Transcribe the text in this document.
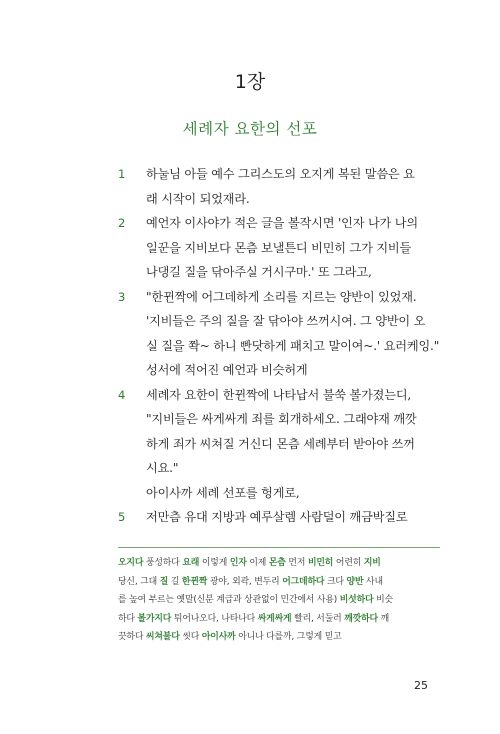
1장
세례자 요한의 선포
1	하눌님 아들 예수 그리스도의 오지게 복된 말씀은 요
래 시작이 되었재라.
2	예언자 이사야가 적은 글을 볼작시면 '인자 나가 나의
일꾼을 지비보다 몬츰 보낼튼디 비민히 그가 지비들
나댕길 질을 닦아주실 거시구마.' 또 그라고,
3	"한뀐짝에 어그데하게 소리를 지르는 양반이 있었재.
'지비들은 주의 질을 잘 닦아야 쓰꺼시여. 그 양반이 오
실 질을 쫙~ 하니 빤닷하게 패치고 말이여~.' 요러케잉."
성서에 적어진 예언과 비슷허게
4	세례자 요한이 한뀐짝에 나타납서 불쑥 볼가졌는디,
"지비들은 싸게싸게 죄를 회개하세오. 그래야재 깨깟
하게 죄가 씨쳐질 거신디 몬츰 세례부터 받아야 쓰꺼
시요."
아이사까 세례 선포를 헝게로,
5	저만츰 유대 지방과 예루살렘 사람덜이 깨금박질로
오지다 풍성하다 요래 이렇게 인자 이제 몬츰 먼저 비민히 어련히 지비
당신, 그대 질 길 한뀐짝 광야, 외곽, 변두리 어그데하다 크다 양반 사내
를 높여 부르는 옛말(신분 계급과 상관없이 민간에서 사용) 비섯하다 비슷
하다 볼가지다 튀어나오다, 나타나다 싸게싸게 빨리, 서둘러 깨깟하다 깨
끗하다 씨쳐불다 씻다 아이사까 아니나 다를까, 그렇게 믿고
25
